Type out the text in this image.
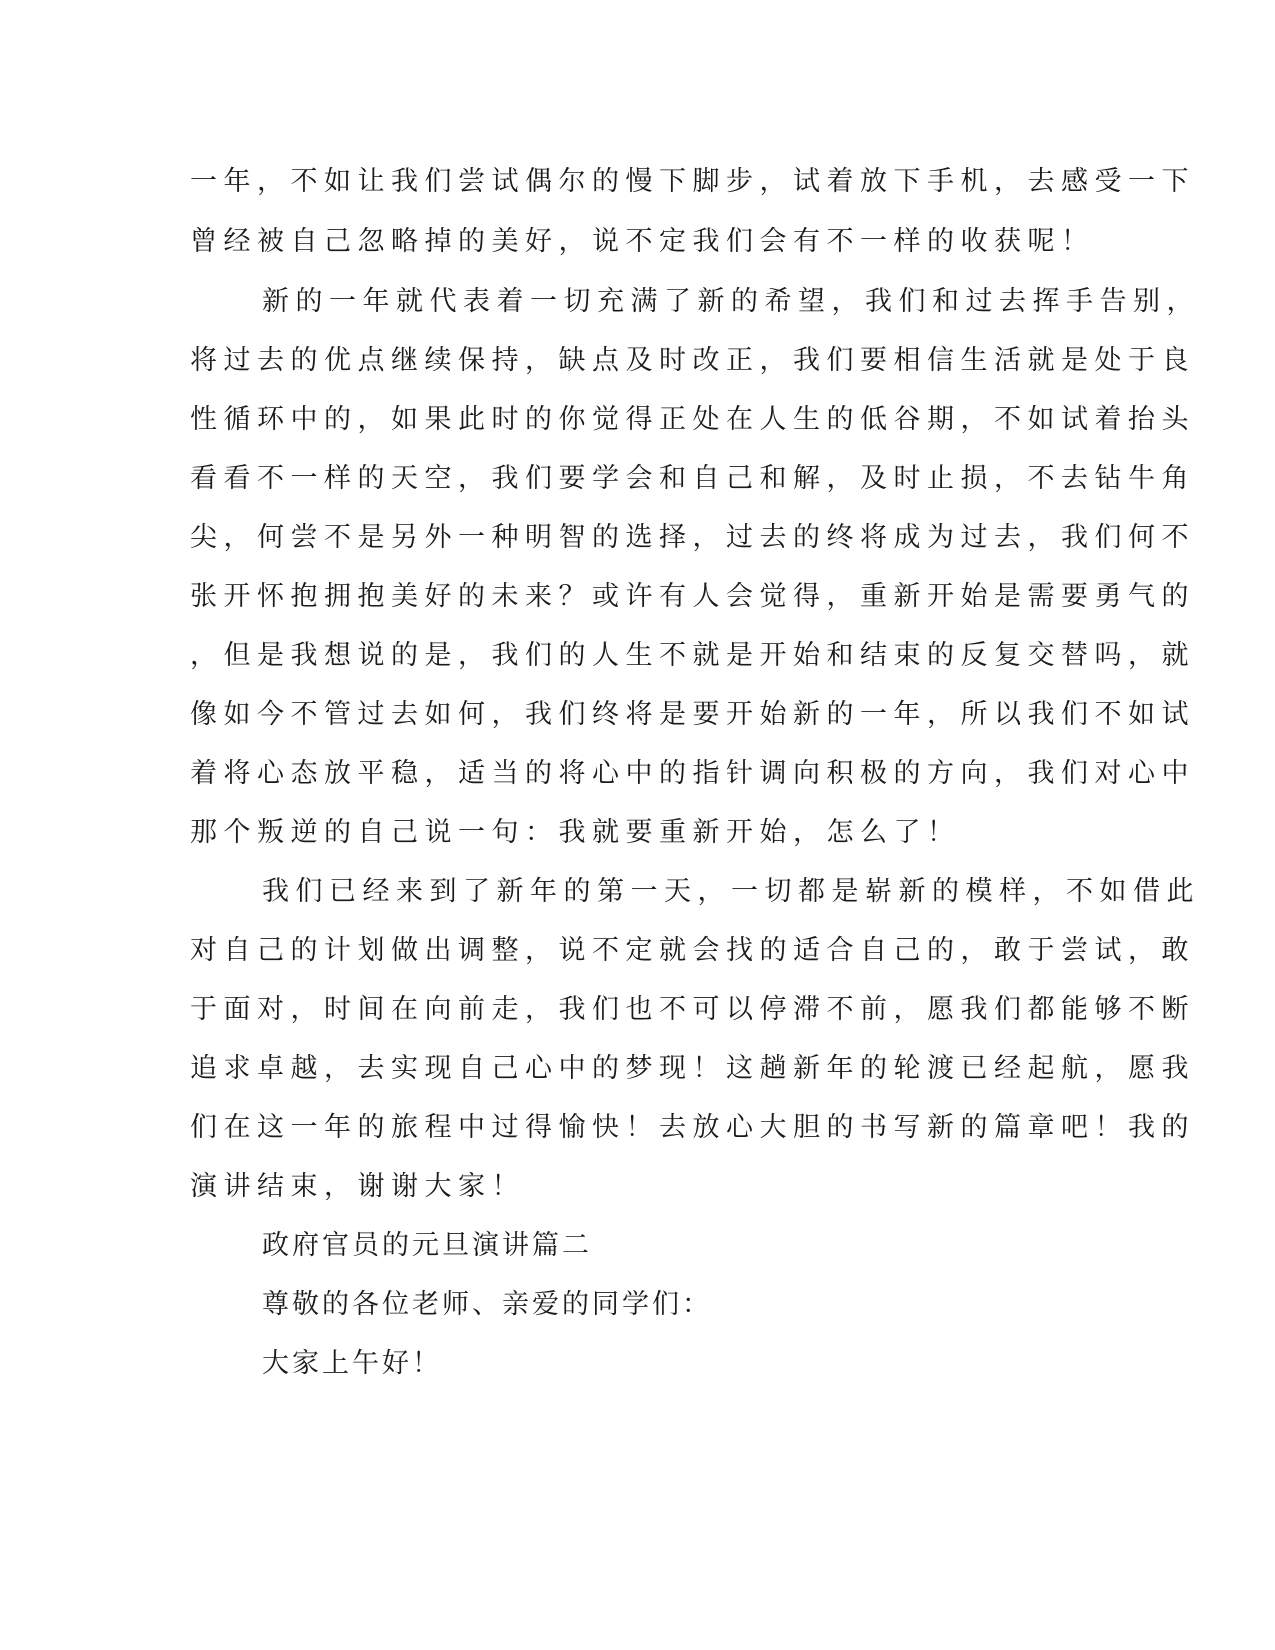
一年，不如让我们尝试偶尔的慢下脚步，试着放下手机，去感受一下

曾经被自己忽略掉的美好，说不定我们会有不一样的收获呢！

新的一年就代表着一切充满了新的希望，我们和过去挥手告别，

将过去的优点继续保持，缺点及时改正，我们要相信生活就是处于良

性循环中的，如果此时的你觉得正处在人生的低谷期，不如试着抬头

看看不一样的天空，我们要学会和自己和解，及时止损，不去钻牛角

尖，何尝不是另外一种明智的选择，过去的终将成为过去，我们何不

张开怀抱拥抱美好的未来？或许有人会觉得，重新开始是需要勇气的

，但是我想说的是，我们的人生不就是开始和结束的反复交替吗，就

像如今不管过去如何，我们终将是要开始新的一年，所以我们不如试

着将心态放平稳，适当的将心中的指针调向积极的方向，我们对心中

那个叛逆的自己说一句：我就要重新开始，怎么了！

我们已经来到了新年的第一天，一切都是崭新的模样，不如借此

对自己的计划做出调整，说不定就会找的适合自己的，敢于尝试，敢

于面对，时间在向前走，我们也不可以停滞不前，愿我们都能够不断

追求卓越，去实现自己心中的梦现！这趟新年的轮渡已经起航，愿我

们在这一年的旅程中过得愉快！去放心大胆的书写新的篇章吧！我的

演讲结束，谢谢大家！

政府官员的元旦演讲篇二

尊敬的各位老师、亲爱的同学们：

大家上午好！
